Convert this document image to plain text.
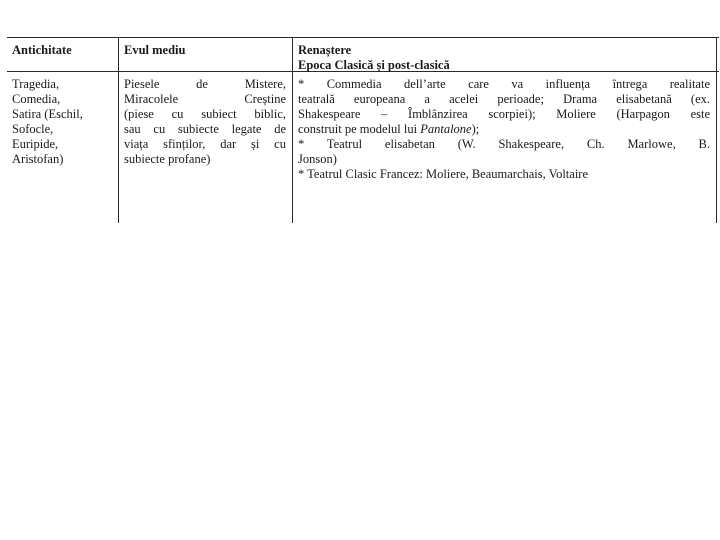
Antichitate	Evul mediu	Renaștere
Epoca Clasică și post-clasică
Tragedia,
Comedia,
Satira (Eschil,
Sofocle,
Euripide,
Aristofan)
Piesele de Mistere,
Miracolele Creștine
(piese cu subiect biblic,
sau cu subiecte legate de
viața sfinților, dar și cu
subiecte profane)
* Commedia dell’arte care va influența întrega realitate
teatrală europeana a acelei perioade; Drama elisabetană (ex.
Shakespeare – Îmblânzirea scorpiei); Moliere (Harpagon este
construit pe modelul lui Pantalone);
* Teatrul elisabetan (W. Shakespeare, Ch. Marlowe, B.
Jonson)
* Teatrul Clasic Francez: Moliere, Beaumarchais, Voltaire
